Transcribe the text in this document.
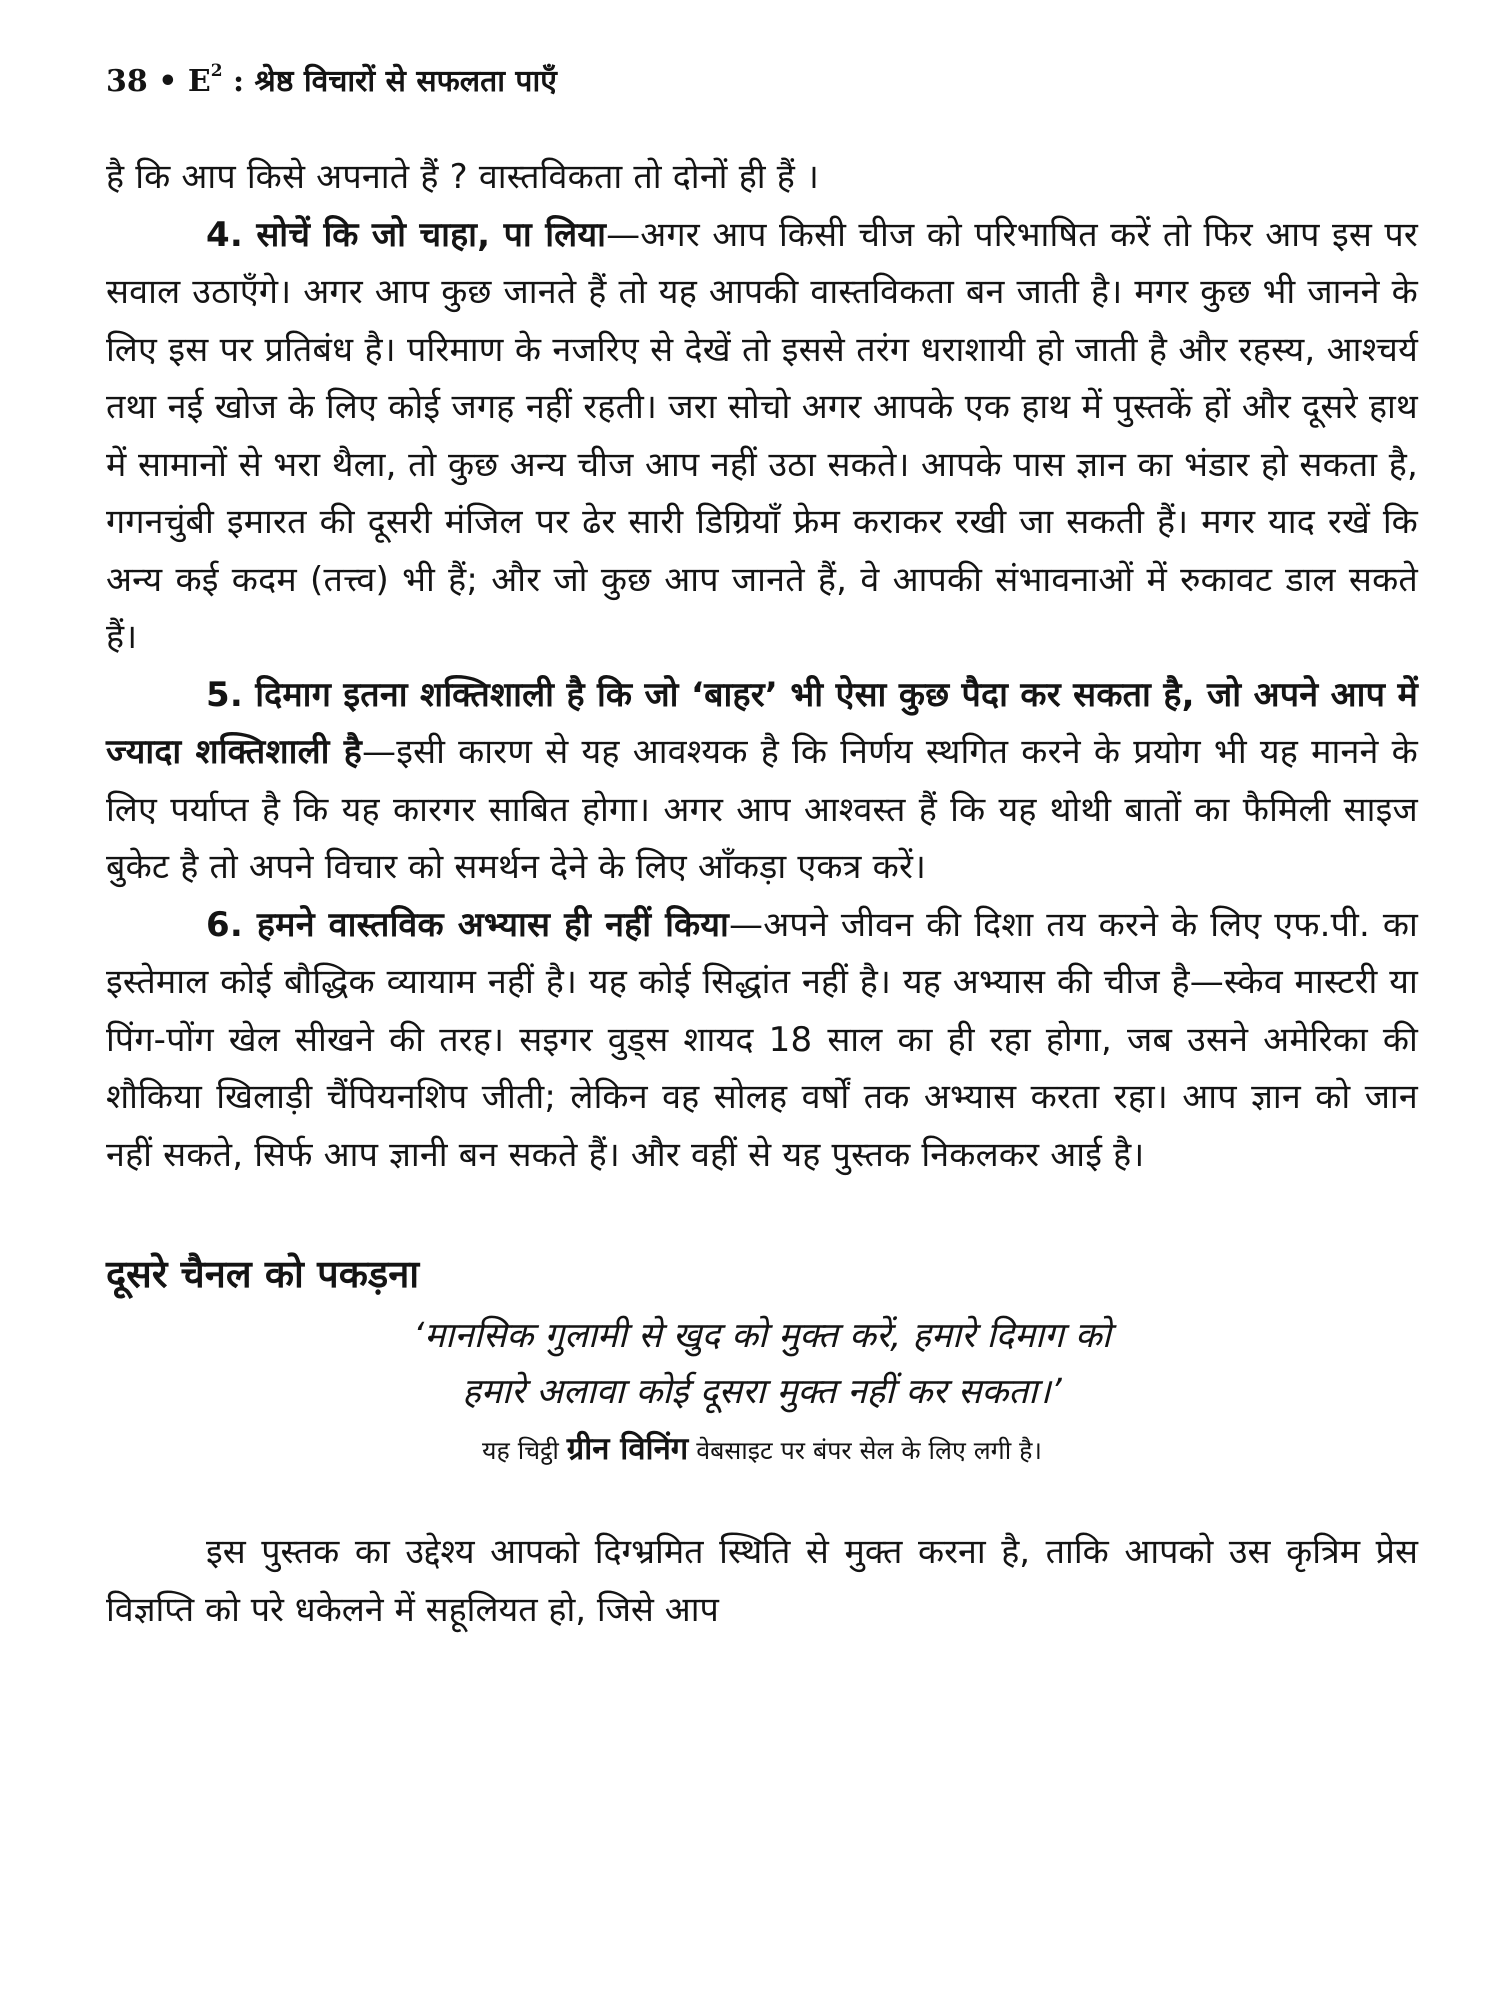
38 • $E^2$ : श्रेष्ठ विचारों से सफलता पाएँ

है कि आप किसे अपनाते हैं ? वास्तविकता तो दोनों ही हैं ।

4. सोचें कि जो चाहा, पा लिया—अगर आप किसी चीज को परिभाषित करें तो फिर आप इस पर सवाल उठाएँगे। अगर आप कुछ जानते हैं तो यह आपकी वास्तविकता बन जाती है। मगर कुछ भी जानने के लिए इस पर प्रतिबंध है। परिमाण के नजरिए से देखें तो इससे तरंग धराशायी हो जाती है और रहस्य, आश्चर्य तथा नई खोज के लिए कोई जगह नहीं रहती। जरा सोचो अगर आपके एक हाथ में पुस्तकें हों और दूसरे हाथ में सामानों से भरा थैला, तो कुछ अन्य चीज आप नहीं उठा सकते। आपके पास ज्ञान का भंडार हो सकता है, गगनचुंबी इमारत की दूसरी मंजिल पर ढेर सारी डिग्रियाँ फ्रेम कराकर रखी जा सकती हैं। मगर याद रखें कि अन्य कई कदम (तत्त्व) भी हैं; और जो कुछ आप जानते हैं, वे आपकी संभावनाओं में रुकावट डाल सकते हैं।

5. दिमाग इतना शक्तिशाली है कि जो ‘बाहर’ भी ऐसा कुछ पैदा कर सकता है, जो अपने आप में ज्यादा शक्तिशाली है—इसी कारण से यह आवश्यक है कि निर्णय स्थगित करने के प्रयोग भी यह मानने के लिए पर्याप्त है कि यह कारगर साबित होगा। अगर आप आश्वस्त हैं कि यह थोथी बातों का फैमिली साइज बुकेट है तो अपने विचार को समर्थन देने के लिए आँकड़ा एकत्र करें।

6. हमने वास्तविक अभ्यास ही नहीं किया—अपने जीवन की दिशा तय करने के लिए एफ.पी. का इस्तेमाल कोई बौद्धिक व्यायाम नहीं है। यह कोई सिद्धांत नहीं है। यह अभ्यास की चीज है—स्केव मास्टरी या पिंग-पोंग खेल सीखने की तरह। सइगर वुड्स शायद 18 साल का ही रहा होगा, जब उसने अमेरिका की शौकिया खिलाड़ी चैंपियनशिप जीती; लेकिन वह सोलह वर्षों तक अभ्यास करता रहा। आप ज्ञान को जान नहीं सकते, सिर्फ आप ज्ञानी बन सकते हैं। और वहीं से यह पुस्तक निकलकर आई है।

दूसरे चैनल को पकड़ना

‘मानसिक गुलामी से खुद को मुक्त करें, हमारे दिमाग को

हमारे अलावा कोई दूसरा मुक्त नहीं कर सकता।’

यह चिट्ठी ग्रीन विनिंग वेबसाइट पर बंपर सेल के लिए लगी है।

इस पुस्तक का उद्देश्य आपको दिग्भ्रमित स्थिति से मुक्त करना है, ताकि आपको उस कृत्रिम प्रेस विज्ञप्ति को परे धकेलने में सहूलियत हो, जिसे आप
